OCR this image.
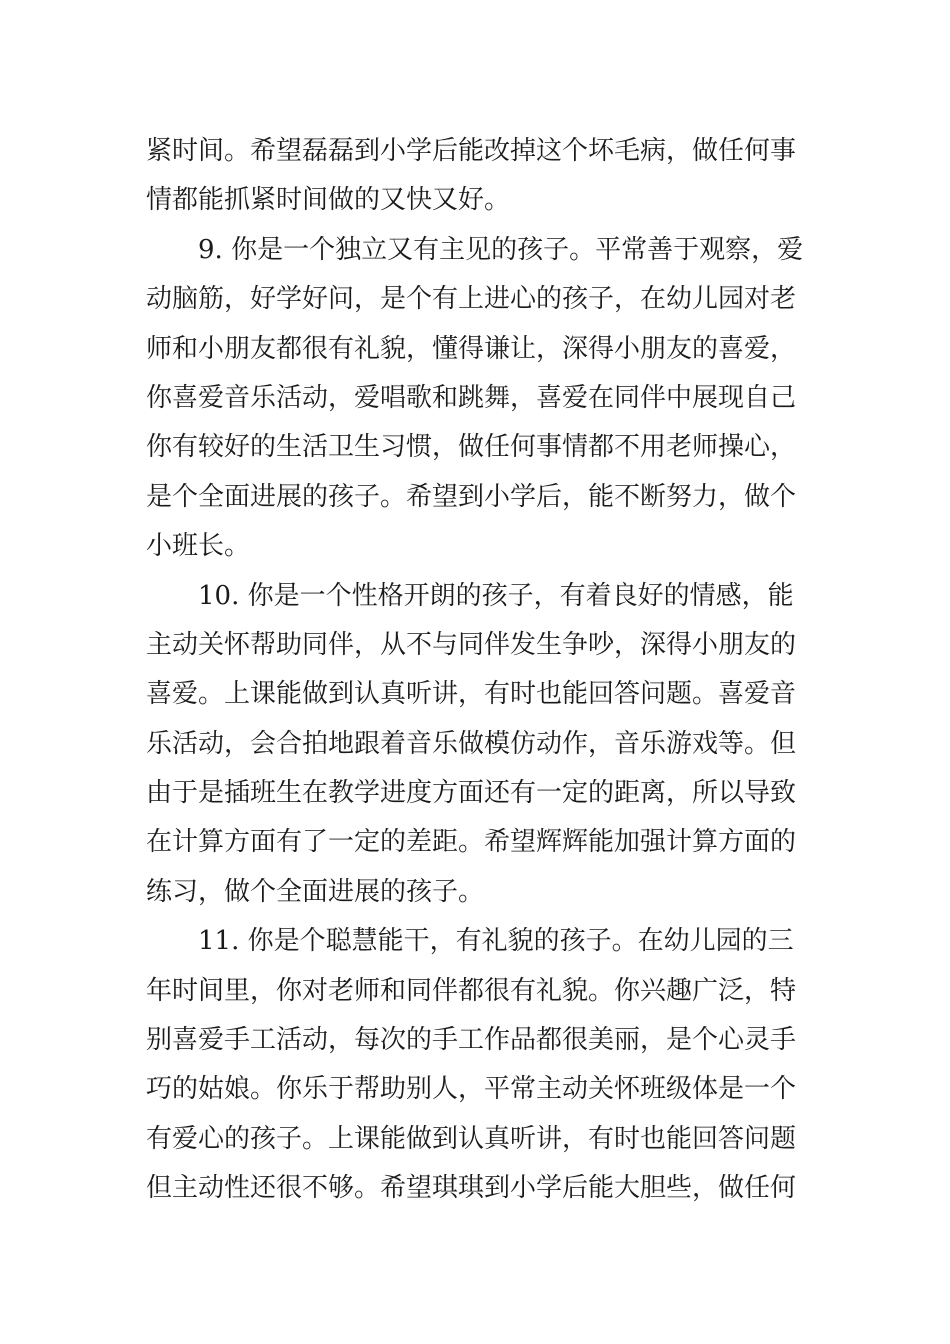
紧时间。希望磊磊到小学后能改掉这个坏毛病，做任何事
情都能抓紧时间做的又快又好。
9. 你是一个独立又有主见的孩子。平常善于观察，爱
动脑筋，好学好问，是个有上进心的孩子，在幼儿园对老
师和小朋友都很有礼貌，懂得谦让，深得小朋友的喜爱，
你喜爱音乐活动，爱唱歌和跳舞，喜爱在同伴中展现自己
你有较好的生活卫生习惯，做任何事情都不用老师操心，
是个全面进展的孩子。希望到小学后，能不断努力，做个
小班长。
10. 你是一个性格开朗的孩子，有着良好的情感，能
主动关怀帮助同伴，从不与同伴发生争吵，深得小朋友的
喜爱。上课能做到认真听讲，有时也能回答问题。喜爱音
乐活动，会合拍地跟着音乐做模仿动作，音乐游戏等。但
由于是插班生在教学进度方面还有一定的距离，所以导致
在计算方面有了一定的差距。希望辉辉能加强计算方面的
练习，做个全面进展的孩子。
11. 你是个聪慧能干，有礼貌的孩子。在幼儿园的三
年时间里，你对老师和同伴都很有礼貌。你兴趣广泛，特
别喜爱手工活动，每次的手工作品都很美丽，是个心灵手
巧的姑娘。你乐于帮助别人，平常主动关怀班级体是一个
有爱心的孩子。上课能做到认真听讲，有时也能回答问题
但主动性还很不够。希望琪琪到小学后能大胆些，做任何
